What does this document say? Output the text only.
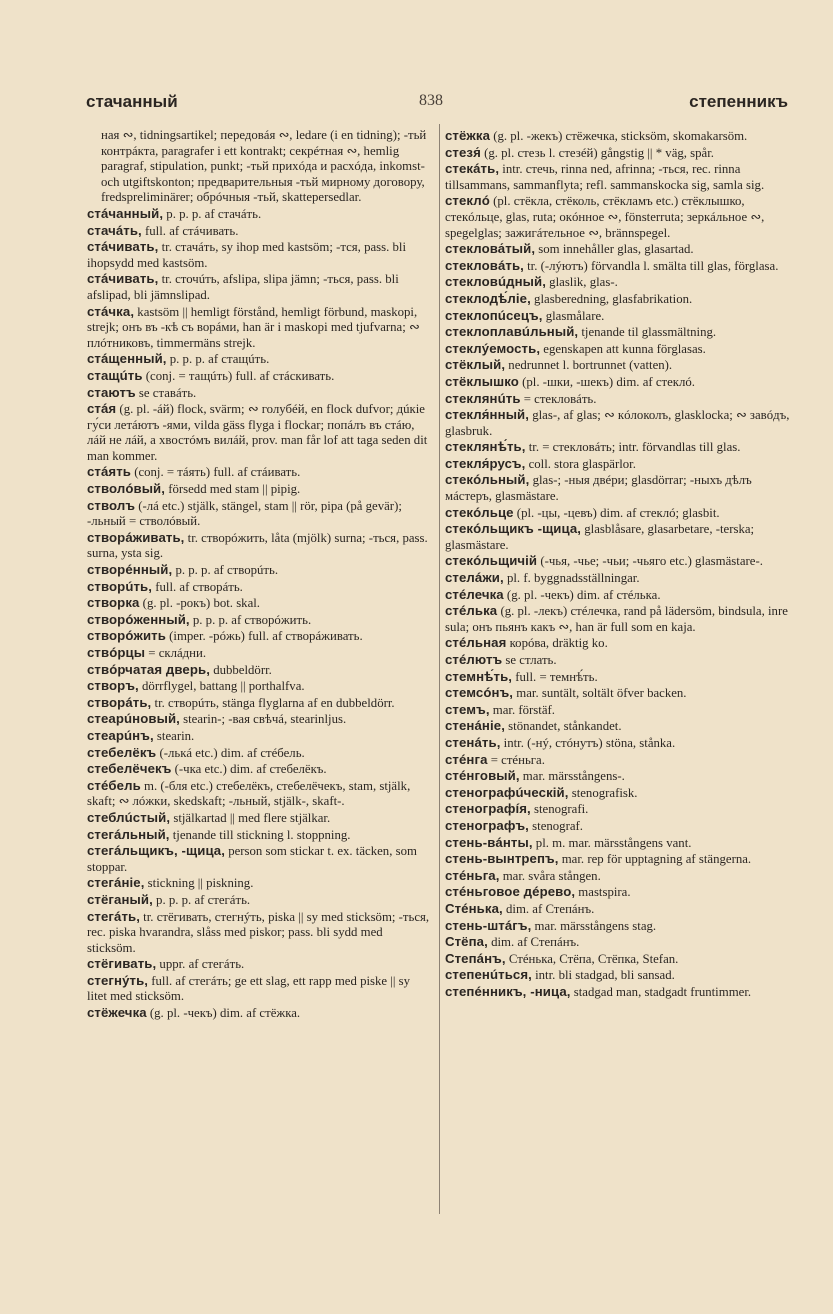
стачанный	838	степенникъ
ная ∾, tidningsartikel; передовáя ∾, ledare (i en tidning); -тьй контрáкта, paragrafer i ett kontrakt; секрéтная ∾, hemlig paragraf, stipulation, punkt; -тьй прихóда и расхóда, inkomst- och utgiftskonton; предварительныя -тьй мирному договору, fredspreliminärer; обрóчныя -тьй, skattepersedlar.
стáчанный, p. p. p. af стачáть.
стачáть, full. af стáчивать.
стáчивать, tr. стачáть, sy ihop med kastsöm; -тся, pass. bli ihopsydd med kastsöm.
стáчивать, tr. сточúть, afslipa, slipa jämn; -ться, pass. bli afslipad, bli jämnslipad.
стáчка, kastsöm || hemligt förstånd, hemligt förbund, maskopi, strejk; онъ въ -кѣ съ ворáми, han är i maskopi med tjufvarna; ∾ плóтниковъ, timmermäns strejk.
стáщенный, p. p. p. af стащúть.
стащúть (conj. = тащúть) full. af стáскивать.
стаютъ se ставáть.
стáя (g. pl. -áй) flock, svärm; ∾ голубéй, en flock dufvor; дúкіе гу́си летáютъ -ями, vilda gäss flyga i flockar; попáлъ въ стáю, лáй не лáй, а хвостóмъ вилáй, prov. man får lof att taga seden dit man kommer.
стáять (conj. = тáять) full. af стáивать.
стволóвый, försedd med stam || pipig.
стволъ (-лá etc.) stjälk, stängel, stam || rör, pipa (på gevär); -льный = стволóвый.
створáживать, tr. створóжить, låta (mjölk) surna; -ться, pass. surna, ysta sig.
створéнный, p. p. p. af створúть.
створúть, full. af створáть.
створка (g. pl. -рокъ) bot. skal.
створóженный, p. p. p. af створóжить.
створóжить (imper. -рóжь) full. af створáживать.
ствóрцы = склáдни.
ствóрчатая дверь, dubbeldörr.
створъ, dörrflygel, battang || porthalfva.
створáть, tr. створúть, stänga flyglarna af en dubbeldörr.
стеарúновый, stearin-; -вая свѣчá, stearinljus.
стеарúнъ, stearin.
стебелёкъ (-лькá etc.) dim. af стéбель.
стебелёчекъ (-чка etc.) dim. af стебелёкъ.
стéбель m. (-бля etc.) стебелёкъ, стебелёчекъ, stam, stjälk, skaft; ∾ лóжки, skedskaft; -льный, stjälk-, skaft-.
стеблúстый, stjälkartad || med flere stjälkar.
стегáльный, tjenande till stickning l. stoppning.
стегáльщикъ, -щица, person som stickar t. ex. täcken, som stoppar.
стегáніе, stickning || piskning.
стёганый, p. p. p. af стегáть.
стегáть, tr. стёгивать, стегнýть, piska || sy med sticksöm; -ться, rec. piska hvarandra, slåss med piskor; pass. bli sydd med sticksöm.
стёгивать, uppr. af стегáть.
стегнýть, full. af стегáть; ge ett slag, ett rapp med piske || sy litet med sticksöm.
стёжечка (g. pl. -чекъ) dim. af стёжка.
стёжка (g. pl. -жекъ) стёжечка, sticksöm, skomakarsöm.
стезя́ (g. pl. стезь l. стезéй) gångstig || * väg, spår.
стекáть, intr. стечь, rinna ned, afrinna; -ться, rec. rinna tillsammans, sammanflyta; refl. sammanskocka sig, samla sig.
стеклó (pl. стёкла, стёколь, стёкламъ etc.) стёклышко, стекóльце, glas, ruta; окóнное ∾, fönsterruta; зеркáльное ∾, spegelglas; зажигáтельное ∾, brännspegel.
стеклова́тый, som innehåller glas, glasartad.
стекловáть, tr. (-лýютъ) förvandla l. smälta till glas, förglasa.
стекловúдный, glaslik, glas-.
стеклодѣ́ліе, glasberedning, glasfabrikation.
стеклопúсецъ, glasmålare.
стеклоплавúльный, tjenande til glassmältning.
стеклýемость, egenskapen att kunna förglasas.
стёклый, nedrunnet l. bortrunnet (vatten).
стёклышко (pl. -шки, -шекъ) dim. af стеклó.
стеклянúть = стекловáть.
стекля́нный, glas-, af glas; ∾ кóлоколъ, glasklocka; ∾ завóдъ, glasbruk.
стеклянѣ́ть, tr. = стекловáть; intr. förvandlas till glas.
стекля́русъ, coll. stora glaspärlor.
стекóльный, glas-; -ныя двéри; glasdörrar; -ныхъ дѣлъ мáстеръ, glasmästare.
стекóльце (pl. -цы, -цевъ) dim. af стеклó; glasbit.
стекóльщикъ -щица, glasblåsare, glasarbetare, -terska; glasmästare.
стекóльщичій (-чья, -чье; -чьи; -чьяго etc.) glasmästare-.
стелáжи, pl. f. byggnadsställningar.
стéлечка (g. pl. -чекъ) dim. af стéлька.
стéлька (g. pl. -лекъ) стéлечка, rand på lädersöm, bindsula, inre sula; онъ пьянъ какъ ∾, han är full som en kaja.
стéльная корóва, dräktig ko.
стéлютъ se стлать.
стемнѣ́ть, full. = темнѣ́ть.
стемсóнъ, mar. suntält, soltält öfver backen.
стемъ, mar. förstäf.
стенáніе, stönandet, stånkandet.
стенáть, intr. (-нý, стóнутъ) stöna, stånka.
стéнга = стéньга.
стéнговый, mar. märsstångens-.
стенографúческій, stenografisk.
стенографíя, stenografi.
стенографъ, stenograf.
стень-вáнты, pl. m. mar. märsstångens vant.
стень-вынтрепъ, mar. rep för upptagning af stängerna.
стéньга, mar. svåra stången.
стéньговое дéрево, mastspira.
Стéнька, dim. af Степáнъ.
стень-штáгъ, mar. märsstångens stag.
Стёпа, dim. af Степáнъ.
Степáнъ, Стéнька, Стёпа, Стёпка, Stefan.
степенúться, intr. bli stadgad, bli sansad.
степéнникъ, -ница, stadgad man, stadgadt fruntimmer.
